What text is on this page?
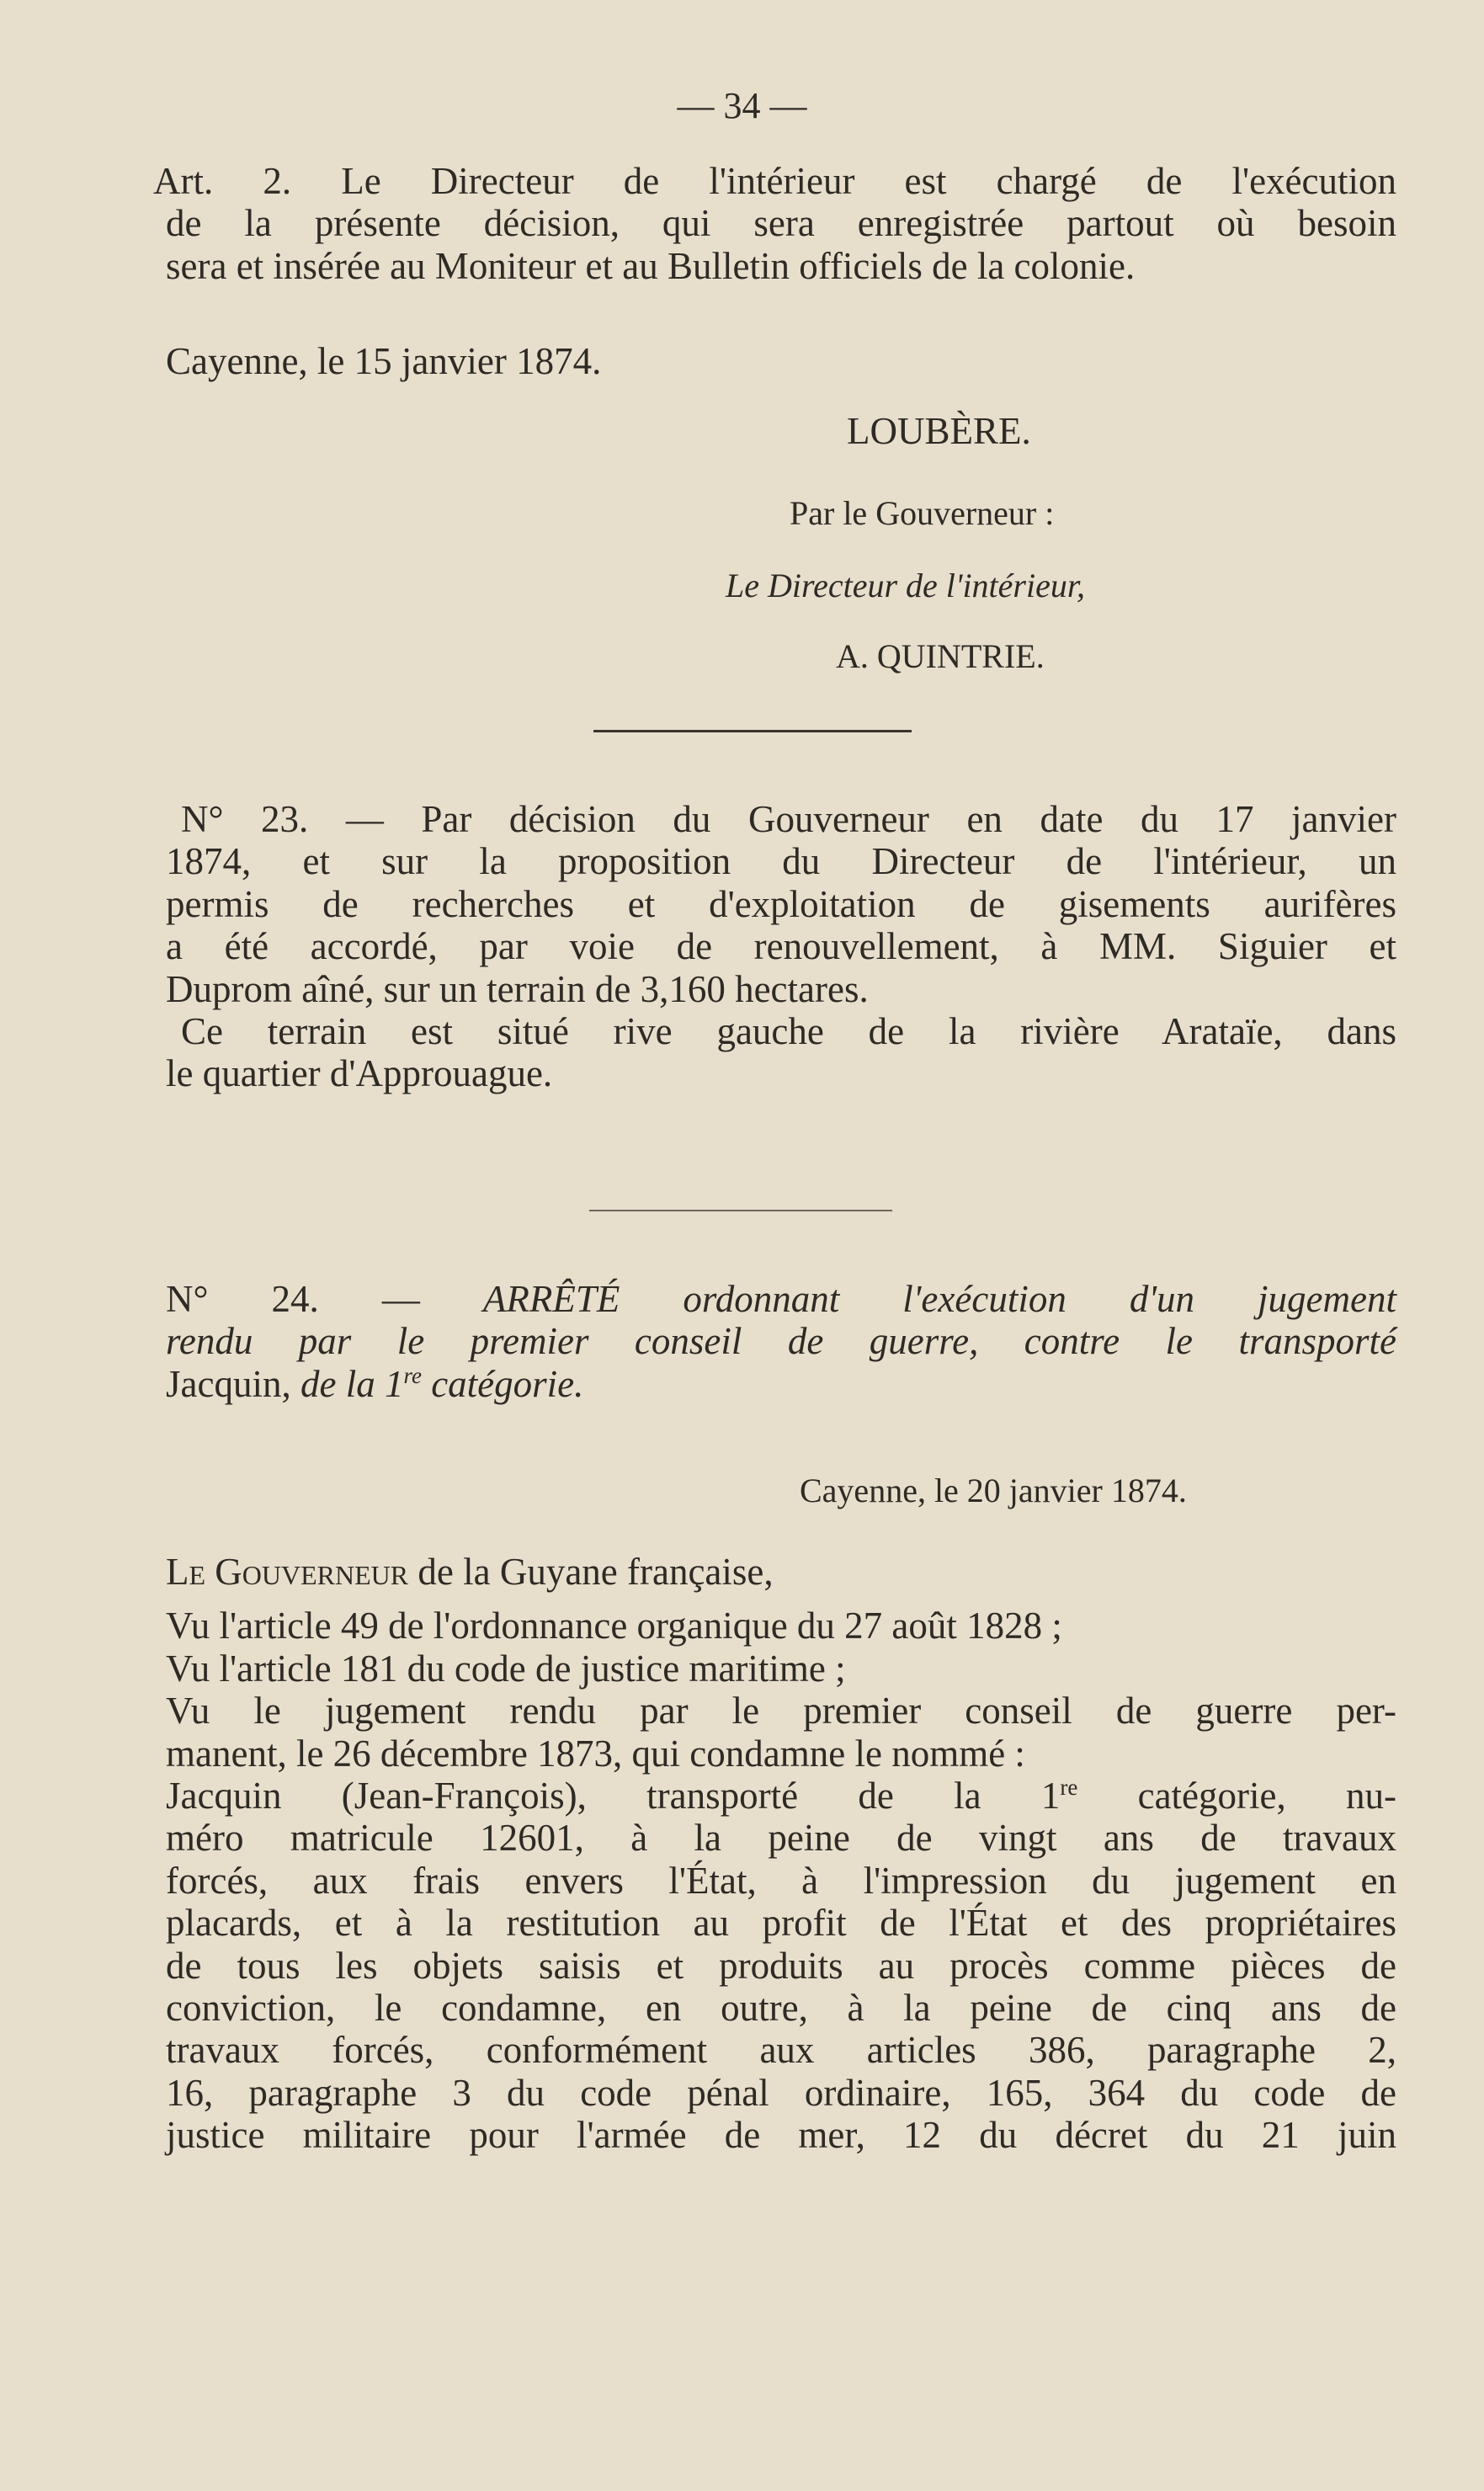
— 34 —
Art. 2. Le Directeur de l'intérieur est chargé de l'exécution
de la présente décision, qui sera enregistrée partout où besoin
sera et insérée au Moniteur et au Bulletin officiels de la colonie.
Cayenne, le 15 janvier 1874.
LOUBÈRE.
Par le Gouverneur :
Le Directeur de l'intérieur,
A. QUINTRIE.
N° 23. — Par décision du Gouverneur en date du 17 janvier
1874, et sur la proposition du Directeur de l'intérieur, un
permis de recherches et d'exploitation de gisements aurifères
a été accordé, par voie de renouvellement, à MM. Siguier et
Duprom aîné, sur un terrain de 3,160 hectares.
Ce terrain est situé rive gauche de la rivière Arataïe, dans
le quartier d'Approuague.
N° 24. — ARRÊTÉ ordonnant l'exécution d'un jugement
rendu par le premier conseil de guerre, contre le transporté
Jacquin, de la 1re catégorie.
Cayenne, le 20 janvier 1874.
Le Gouverneur de la Guyane française,
Vu l'article 49 de l'ordonnance organique du 27 août 1828 ;
Vu l'article 181 du code de justice maritime ;
Vu le jugement rendu par le premier conseil de guerre per-
manent, le 26 décembre 1873, qui condamne le nommé :
Jacquin (Jean-François), transporté de la 1re catégorie, nu-
méro matricule 12601, à la peine de vingt ans de travaux
forcés, aux frais envers l'État, à l'impression du jugement en
placards, et à la restitution au profit de l'État et des propriétaires
de tous les objets saisis et produits au procès comme pièces de
conviction, le condamne, en outre, à la peine de cinq ans de
travaux forcés, conformément aux articles 386, paragraphe 2,
16, paragraphe 3 du code pénal ordinaire, 165, 364 du code de
justice militaire pour l'armée de mer, 12 du décret du 21 juin
